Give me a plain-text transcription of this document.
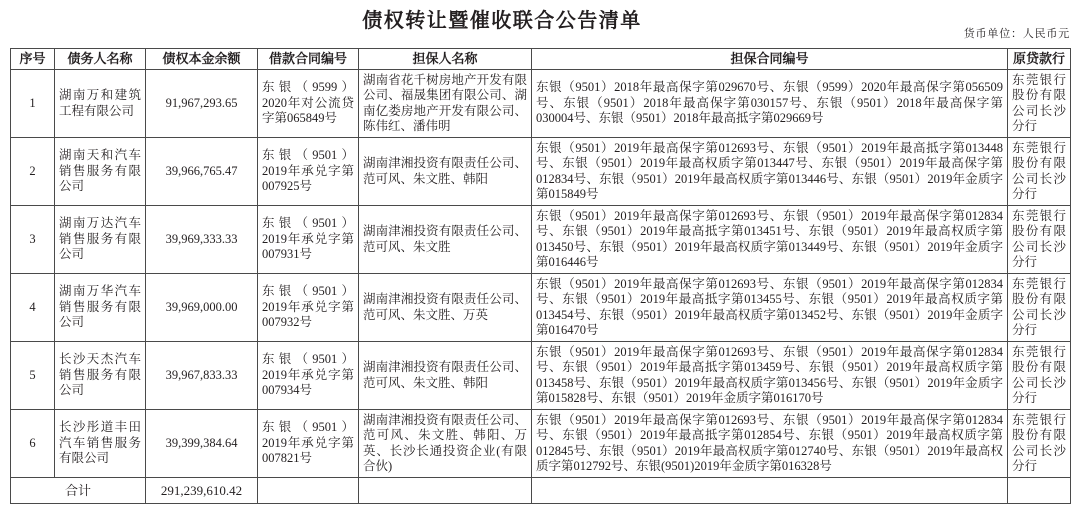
债权转让暨催收联合公告清单
货币单位：人民币元
序号	债务人名称	债权本金余额	借款合同编号	担保人名称	担保合同编号	原贷款行
1	湖南万和建筑工程有限公司	91,967,293.65	东银（9599）2020年对公流贷字第065849号	湖南省花千树房地产开发有限公司、福晟集团有限公司、湖南亿娄房地产开发有限公司、陈伟红、潘伟明	东银（9501）2018年最高保字第029670号、东银（9599）2020年最高保字第056509号、东银（9501）2018年最高保字第030157号、东银（9501）2018年最高保字第030004号、东银（9501）2018年最高抵字第029669号	东莞银行股份有限公司长沙分行
2	湖南天和汽车销售服务有限公司	39,966,765.47	东银（9501）2019年承兑字第007925号	湖南津湘投资有限责任公司、范可风、朱文胜、韩阳	东银（9501）2019年最高保字第012693号、东银（9501）2019年最高抵字第013448号、东银（9501）2019年最高权质字第013447号、东银（9501）2019年最高保字第012834号、东银（9501）2019年最高权质字第013446号、东银（9501）2019年金质字第015849号	东莞银行股份有限公司长沙分行
3	湖南万达汽车销售服务有限公司	39,969,333.33	东银（9501）2019年承兑字第007931号	湖南津湘投资有限责任公司、范可风、朱文胜	东银（9501）2019年最高保字第012693号、东银（9501）2019年最高保字第012834号、东银（9501）2019年最高抵字第013451号、东银（9501）2019年最高权质字第013450号、东银（9501）2019年最高权质字第013449号、东银（9501）2019年金质字第016446号	东莞银行股份有限公司长沙分行
4	湖南万华汽车销售服务有限公司	39,969,000.00	东银（9501）2019年承兑字第007932号	湖南津湘投资有限责任公司、范可风、朱文胜、万英	东银（9501）2019年最高保字第012693号、东银（9501）2019年最高保字第012834号、东银（9501）2019年最高抵字第013455号、东银（9501）2019年最高权质字第013454号、东银（9501）2019年最高权质字第013452号、东银（9501）2019年金质字第016470号	东莞银行股份有限公司长沙分行
5	长沙天杰汽车销售服务有限公司	39,967,833.33	东银（9501）2019年承兑字第007934号	湖南津湘投资有限责任公司、范可风、朱文胜、韩阳	东银（9501）2019年最高保字第012693号、东银（9501）2019年最高保字第012834号、东银（9501）2019年最高抵字第013459号、东银（9501）2019年最高权质字第013458号、东银（9501）2019年最高权质字第013456号、东银（9501）2019年金质字第015828号、东银（9501）2019年金质字第016170号	东莞银行股份有限公司长沙分行
6	长沙彤道丰田汽车销售服务有限公司	39,399,384.64	东银（9501）2019年承兑字第007821号	湖南津湘投资有限责任公司、范可风、朱文胜、韩阳、万英、长沙长通投资企业(有限合伙)	东银（9501）2019年最高保字第012693号、东银（9501）2019年最高保字第012834号、东银（9501）2019年最高抵字第012854号、东银（9501）2019年最高权质字第012845号、东银（9501）2019年最高权质字第012740号、东银（9501）2019年最高权质字第012792号、东银(9501)2019年金质字第016328号	东莞银行股份有限公司长沙分行
合计		291,239,610.42				
